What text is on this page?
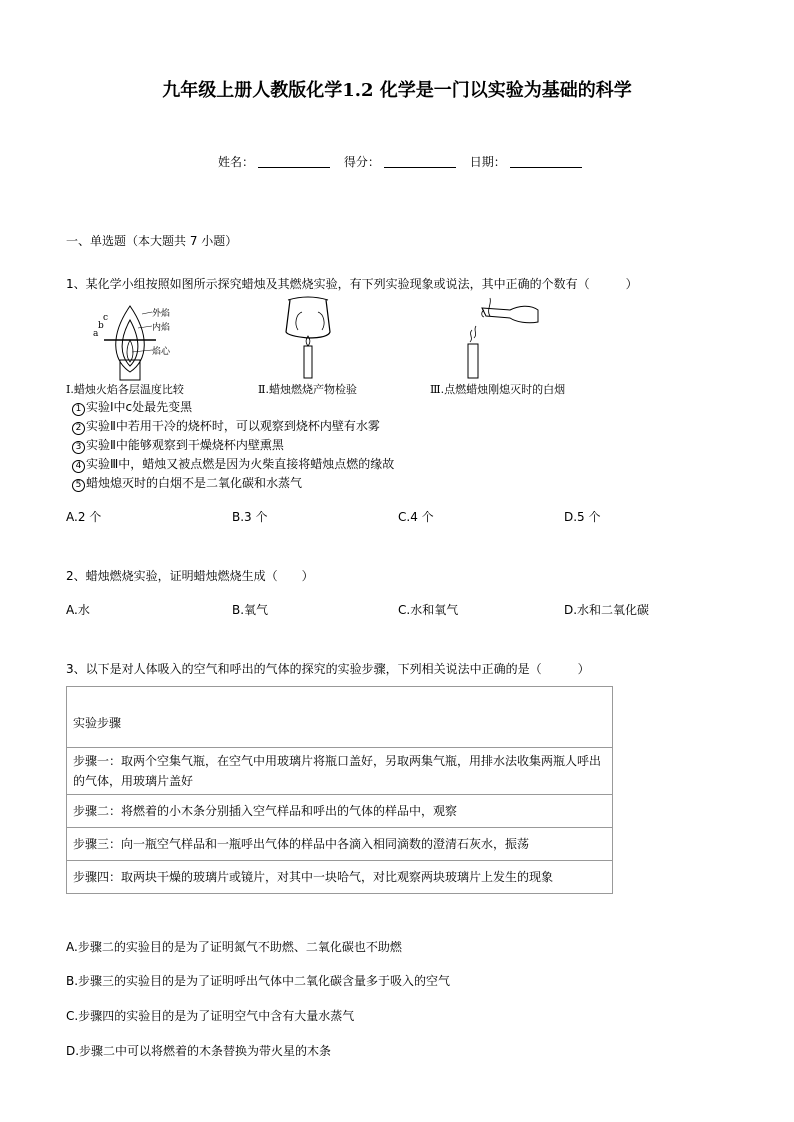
九年级上册人教版化学1.2 化学是一门以实验为基础的科学
姓名：	得分：	日期：
一、单选题（本大题共 7 小题）
1、某化学小组按照如图所示探究蜡烛及其燃烧实验，有下列实验现象或说法，其中正确的个数有（　　　）
外焰
内焰
焰心
c
b
a
Ⅰ.蜡烛火焰各层温度比较	Ⅱ.蜡烛燃烧产物检验	Ⅲ.点燃蜡烛刚熄灭时的白烟
1 实验Ⅰ中c处最先变黑
2 实验Ⅱ中若用干冷的烧杯时，可以观察到烧杯内壁有水雾
3 实验Ⅱ中能够观察到干燥烧杯内壁熏黑
4 实验Ⅲ中，蜡烛又被点燃是因为火柴直接将蜡烛点燃的缘故
5 蜡烛熄灭时的白烟不是二氧化碳和水蒸气
A.2 个	B.3 个	C.4 个	D.5 个
2、蜡烛燃烧实验，证明蜡烛燃烧生成（　　）
A.水	B.氧气	C.水和氧气	D.水和二氧化碳
3、以下是对人体吸入的空气和呼出的气体的探究的实验步骤，下列相关说法中正确的是（　　　）
实验步骤
步骤一：取两个空集气瓶，在空气中用玻璃片将瓶口盖好，另取两集气瓶，用排水法收集两瓶人呼出的气体，用玻璃片盖好
步骤二：将燃着的小木条分别插入空气样品和呼出的气体的样品中，观察
步骤三：向一瓶空气样品和一瓶呼出气体的样品中各滴入相同滴数的澄清石灰水，振荡
步骤四：取两块干燥的玻璃片或镜片，对其中一块哈气，对比观察两块玻璃片上发生的现象
A.步骤二的实验目的是为了证明氮气不助燃、二氧化碳也不助燃
B.步骤三的实验目的是为了证明呼出气体中二氧化碳含量多于吸入的空气
C.步骤四的实验目的是为了证明空气中含有大量水蒸气
D.步骤二中可以将燃着的木条替换为带火星的木条
